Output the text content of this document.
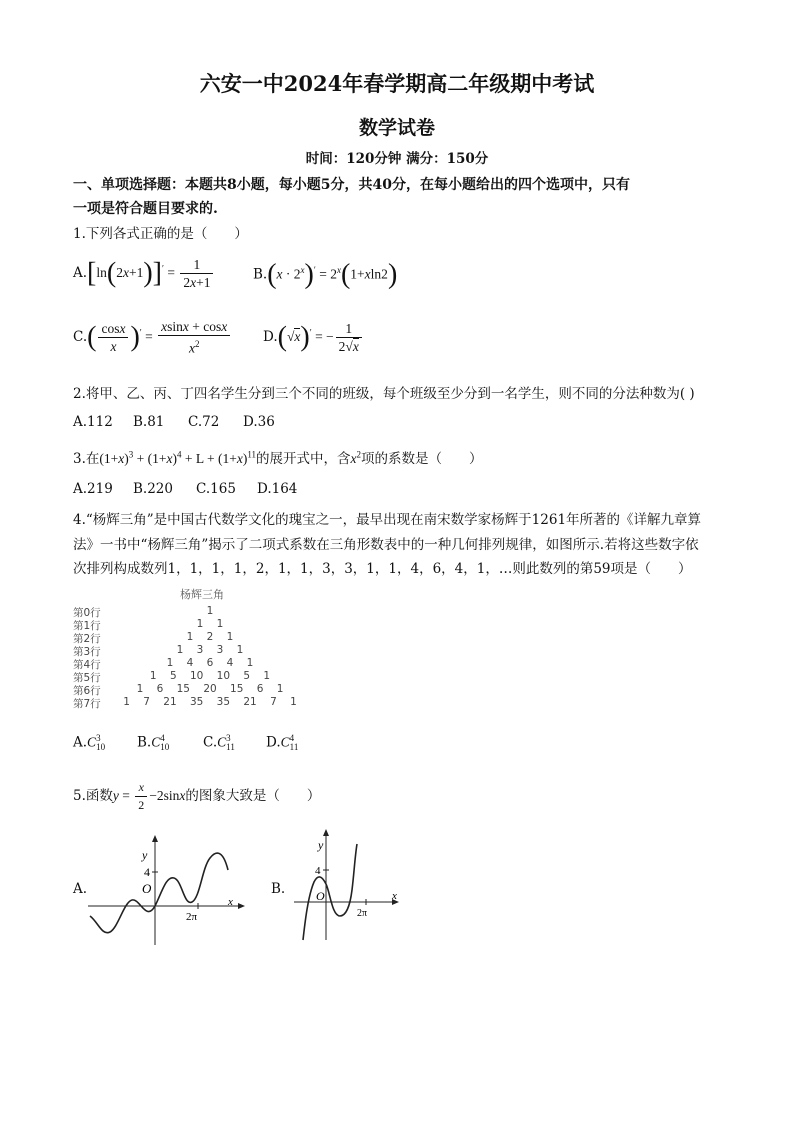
六安一中2024年春学期高二年级期中考试
数学试卷
时间：120分钟 满分：150分
一、单项选择题：本题共8小题，每小题5分，共40分，在每小题给出的四个选项中，只有
一项是符合题目要求的.
1.下列各式正确的是（　　）
$A.[\ln(2x+1)]' = \frac{1}{2x+1}$	$B.(x \cdot 2^x)' = 2^x(1+xln2)$
$C.( \frac{\cos x}{x} )' = \frac{xsinx + \cos x}{x^2} D.(√x)'$ = − $\frac{1}{2√x}$
2.将甲、乙、丙、丁四名学生分到三个不同的班级，每个班级至少分到一名学生，则不同的分法种数为( )
A.112 B.81 C.72 D.36
3.在$(1+x)^3 + (1+x)^4 + L + (1+x)^{11}$的展开式中，含$x^2$项的系数是（　　）
A.219 B.220 C.165 D.164
4.“杨辉三角”是中国古代数学文化的瑰宝之一，最早出现在南宋数学家杨辉于1261年所著的《详解九章算
法》一书中“杨辉三角”揭示了二项式系数在三角形数表中的一种几何排列规律，如图所示.若将这些数字依
次排列构成数列1，1，1，1，2，1，1，3，3，1，1，4，6，4，1，…则此数列的第59项是（　　）
杨辉三角
第0行	1
第1行	1 1
第2行	1 2 1
第3行	1 3 3 1
第4行	1 4 6 4 1
第5行	1 5 10 10 5 1
第6行	1 6 15 20 15 6 1
第7行	1 7 21 35 35 21 7 1
A.C 3
10 B.C 4
10	C.C 3
11 D.C 4
11
5.函数$y = \frac{x}{2} -2\sin x$的图象大致是（　　）
A.
y
4
O
2π
x
B.
y
4
O
2π
x
